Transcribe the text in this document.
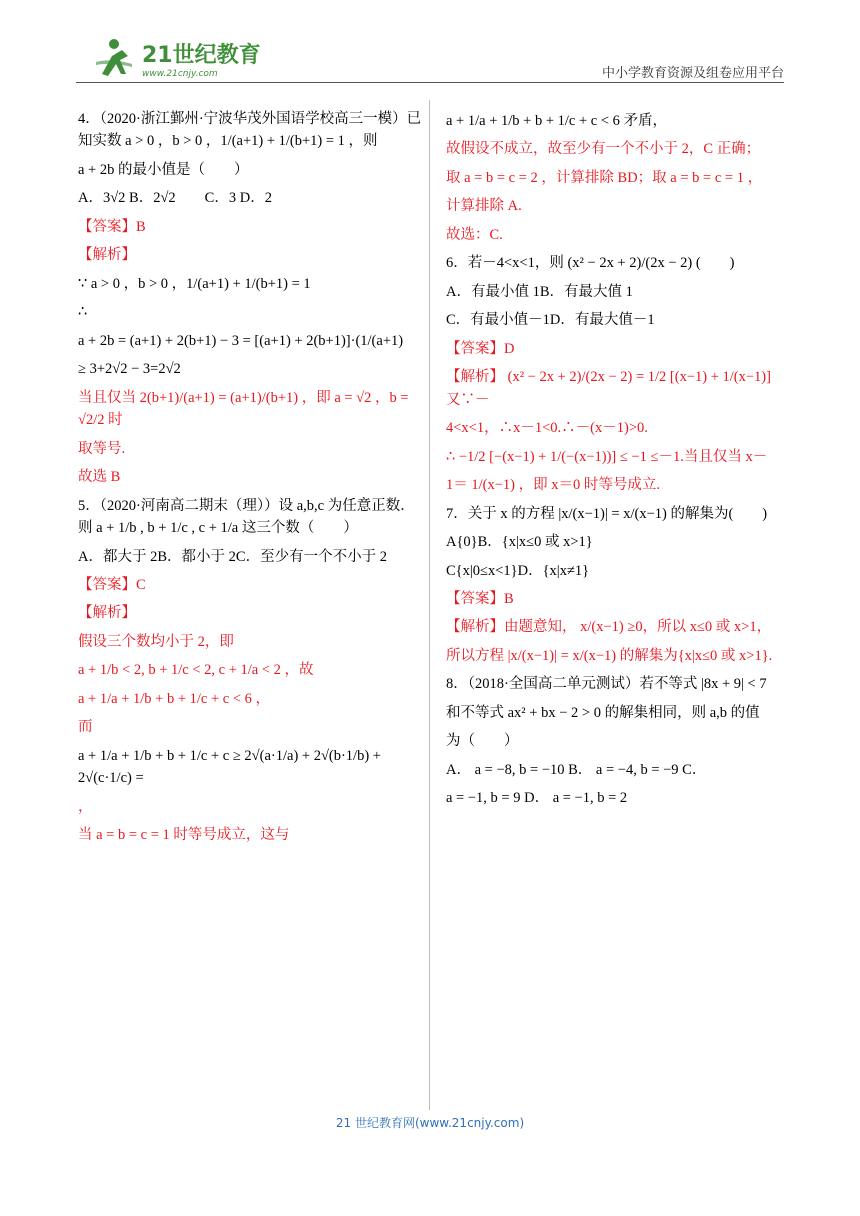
21世纪教育
www.21cnjy.com	中小学教育资源及组卷应用平台

4．（2020·浙江鄞州·宁波华茂外国语学校高三一模）已知实数 a > 0 ，b > 0 ，1/(a+1) + 1/(b+1) = 1 ，则

a + 2b 的最小值是（　　）

A．3√2 B．2√2　　C．3 D．2

【答案】B

【解析】

∵ a > 0 ，b > 0 ，1/(a+1) + 1/(b+1) = 1

∴

a + 2b = (a+1) + 2(b+1) − 3 = [(a+1) + 2(b+1)]·(1/(a+1)

≥ 3+2√2 − 3=2√2

当且仅当 2(b+1)/(a+1) = (a+1)/(b+1) ，即 a = √2 ，b = √2/2 时

取等号.

故选 B

5．（2020·河南高二期末（理））设 a,b,c 为任意正数．则 a + 1/b , b + 1/c , c + 1/a 这三个数（　　）

A．都大于 2B．都小于 2C．至少有一个不小于 2

【答案】C

【解析】

假设三个数均小于 2，即

a + 1/b < 2, b + 1/c < 2, c + 1/a < 2 ，故

a + 1/a + 1/b + b + 1/c + c < 6 ，

而

a + 1/a + 1/b + b + 1/c + c ≥ 2√(a·1/a) + 2√(b·1/b) + 2√(c·1/c) =

，

当 a = b = c = 1 时等号成立，这与

a + 1/a + 1/b + b + 1/c + c < 6 矛盾，

故假设不成立，故至少有一个不小于 2，C 正确；

取 a = b = c = 2 ，计算排除 BD；取 a = b = c = 1 ，

计算排除 A.

故选：C.

6．若－4<x<1，则 (x² − 2x + 2)/(2x − 2) (　　)

A．有最小值 1B．有最大值 1

C．有最小值－1D．有最大值－1

【答案】D

【解析】 (x² − 2x + 2)/(2x − 2) = 1/2 [(x−1) + 1/(x−1)] 又∵－

4<x<1，∴x－1<0.∴－(x－1)>0.

∴ −1/2 [−(x−1) + 1/(−(x−1))] ≤ −1 ≤－1.当且仅当 x－

1＝ 1/(x−1) ，即 x＝0 时等号成立.

7．关于 x 的方程 |x/(x−1)| = x/(x−1) 的解集为(　　)

A{0}B．{x|x≤0 或 x>1}

C{x|0≤x<1}D．{x|x≠1}

【答案】B

【解析】由题意知， x/(x−1) ≥0，所以 x≤0 或 x>1，

所以方程 |x/(x−1)| = x/(x−1) 的解集为{x|x≤0 或 x>1}.

8．（2018·全国高二单元测试）若不等式 |8x + 9| < 7

和不等式 ax² + bx − 2 > 0 的解集相同，则 a,b 的值

为（　　）

A． a = −8, b = −10 B． a = −4, b = −9 C．

a = −1, b = 9 D． a = −1, b = 2

21 世纪教育网(www.21cnjy.com)
